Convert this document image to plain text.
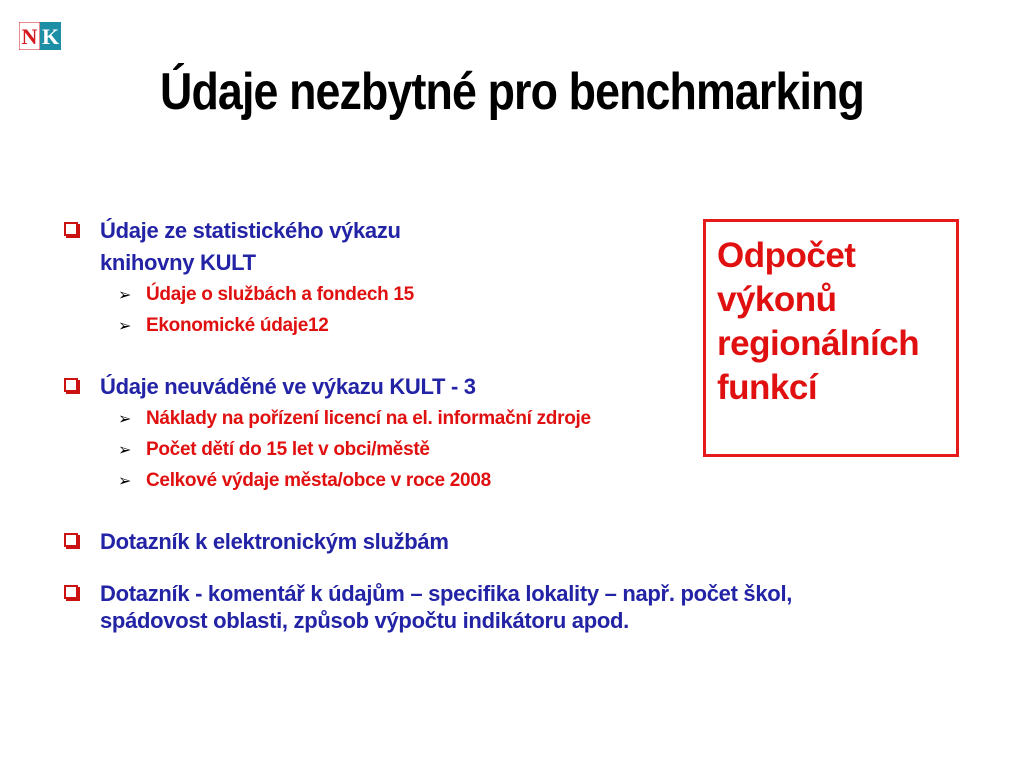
N K
Údaje nezbytné pro benchmarking
Údaje ze statistického výkazu
knihovny KULT
➢ Údaje o službách a fondech 15
➢ Ekonomické údaje12
Údaje neuváděné ve výkazu KULT - 3
➢ Náklady na pořízení licencí na el. informační zdroje
➢ Počet dětí do 15 let v obci/městě
➢ Celkové výdaje města/obce v roce 2008
Dotazník k elektronickým službám
Dotazník - komentář k údajům – specifika lokality – např. počet škol, spádovost oblasti, způsob výpočtu indikátoru apod.
Odpočet
výkonů
regionálních
funkcí
